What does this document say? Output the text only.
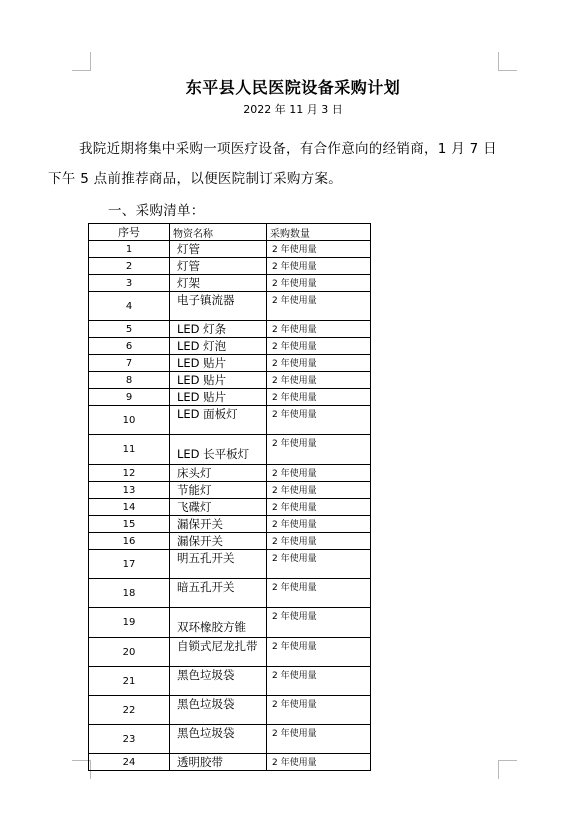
东平县人民医院设备采购计划
2022 年 11 月 3 日
我院近期将集中采购一项医疗设备，有合作意向的经销商，1 月 7 日下午 5 点前推荐商品，以便医院制订采购方案。
一、采购清单：
序号	物资名称	采购数量
1	灯管	2 年使用量
2	灯管	2 年使用量
3	灯架	2 年使用量
4	电子镇流器	2 年使用量
5	LED 灯条	2 年使用量
6	LED 灯泡	2 年使用量
7	LED 贴片	2 年使用量
8	LED 贴片	2 年使用量
9	LED 贴片	2 年使用量
10	LED 面板灯	2 年使用量
11	LED 长平板灯	2 年使用量
12	床头灯	2 年使用量
13	节能灯	2 年使用量
14	飞碟灯	2 年使用量
15	漏保开关	2 年使用量
16	漏保开关	2 年使用量
17	明五孔开关	2 年使用量
18	暗五孔开关	2 年使用量
19	双环橡胶方锥	2 年使用量
20	自锁式尼龙扎带	2 年使用量
21	黑色垃圾袋	2 年使用量
22	黑色垃圾袋	2 年使用量
23	黑色垃圾袋	2 年使用量
24	透明胶带	2 年使用量
